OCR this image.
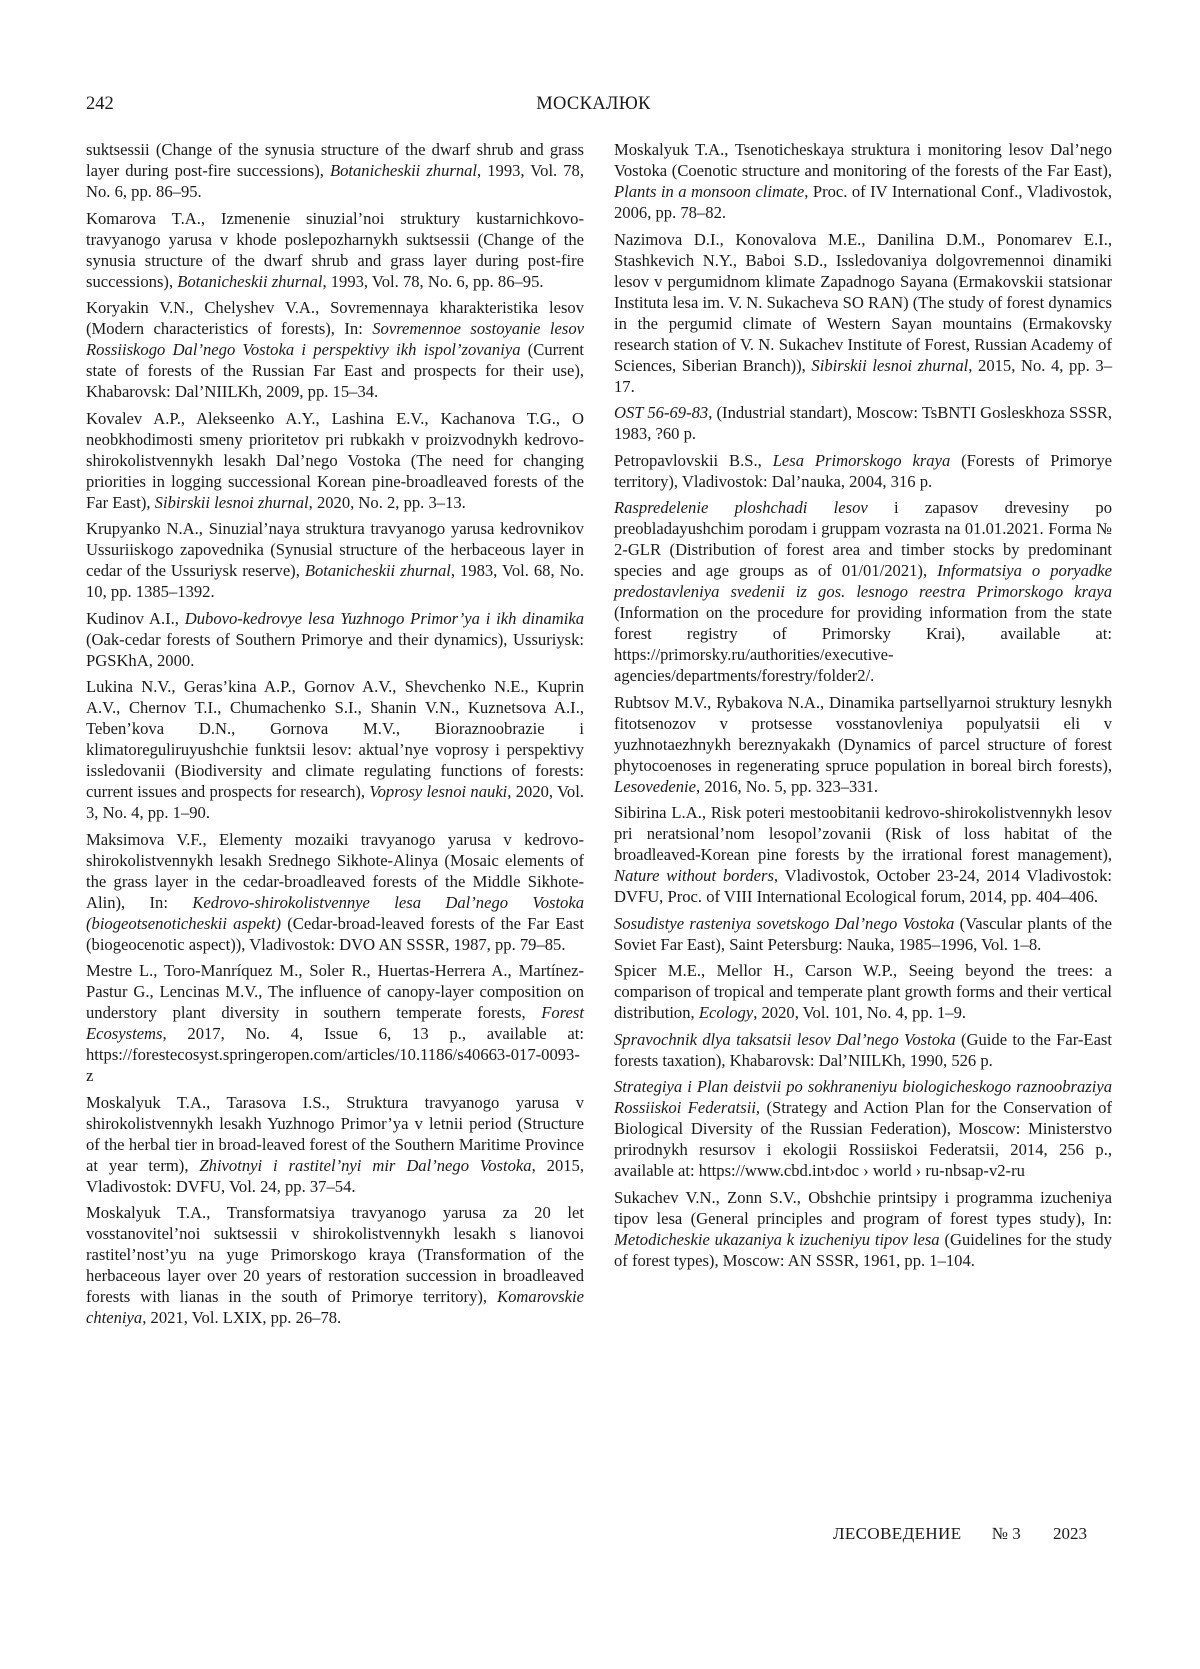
242	МОСКАЛЮК

suktsessii (Change of the synusia structure of the dwarf shrub and grass layer during post-fire successions), Botanicheskii zhurnal, 1993, Vol. 78, No. 6, pp. 86–95.

Komarova T.A., Izmenenie sinuzial’noi struktury kustarnichkovo-travyanogo yarusa v khode poslepozharnykh suktsessii (Change of the synusia structure of the dwarf shrub and grass layer during post-fire successions), Botanicheskii zhurnal, 1993, Vol. 78, No. 6, pp. 86–95.

Koryakin V.N., Chelyshev V.A., Sovremennaya kharakteristika lesov (Modern characteristics of forests), In: Sovremennoe sostoyanie lesov Rossiiskogo Dal’nego Vostoka i perspektivy ikh ispol’zovaniya (Current state of forests of the Russian Far East and prospects for their use), Khabarovsk: Dal’NIILKh, 2009, pp. 15–34.

Kovalev A.P., Alekseenko A.Y., Lashina E.V., Kachanova T.G., O neobkhodimosti smeny prioritetov pri rubkakh v proizvodnykh kedrovo-shirokolistvennykh lesakh Dal’nego Vostoka (The need for changing priorities in logging successional Korean pine-broadleaved forests of the Far East), Sibirskii lesnoi zhurnal, 2020, No. 2, pp. 3–13.

Krupyanko N.A., Sinuzial’naya struktura travyanogo yarusa kedrovnikov Ussuriiskogo zapovednika (Synusial structure of the herbaceous layer in cedar of the Ussuriysk reserve), Botanicheskii zhurnal, 1983, Vol. 68, No. 10, pp. 1385–1392.

Kudinov A.I., Dubovo-kedrovye lesa Yuzhnogo Primor’ya i ikh dinamika (Oak-cedar forests of Southern Primorye and their dynamics), Ussuriysk: PGSKhA, 2000.

Lukina N.V., Geras’kina A.P., Gornov A.V., Shevchenko N.E., Kuprin A.V., Chernov T.I., Chumachenko S.I., Shanin V.N., Kuznetsova A.I., Teben’kova D.N., Gornova M.V., Bioraznoobrazie i klimatoreguliruyushchie funktsii lesov: aktual’nye voprosy i perspektivy issledovanii (Biodiversity and climate regulating functions of forests: current issues and prospects for research), Voprosy lesnoi nauki, 2020, Vol. 3, No. 4, pp. 1–90.

Maksimova V.F., Elementy mozaiki travyanogo yarusa v kedrovo-shirokolistvennykh lesakh Srednego Sikhote-Alinya (Mosaic elements of the grass layer in the cedar-broadleaved forests of the Middle Sikhote-Alin), In: Kedrovo-shirokolistvennye lesa Dal’nego Vostoka (biogeotsenoticheskii aspekt) (Cedar-broad-leaved forests of the Far East (biogeocenotic aspect)), Vladivostok: DVO AN SSSR, 1987, pp. 79–85.

Mestre L., Toro-Manríquez M., Soler R., Huertas-Herrera A., Martínez-Pastur G., Lencinas M.V., The influence of canopy-layer composition on understory plant diversity in southern temperate forests, Forest Ecosystems, 2017, No. 4, Issue 6, 13 p., available at: https://forestecosyst.springeropen.com/articles/10.1186/s40663-017-0093-z

Moskalyuk T.A., Tarasova I.S., Struktura travyanogo yarusa v shirokolistvennykh lesakh Yuzhnogo Primor’ya v letnii period (Structure of the herbal tier in broad-leaved forest of the Southern Maritime Province at year term), Zhivotnyi i rastitel’nyi mir Dal’nego Vostoka, 2015, Vladivostok: DVFU, Vol. 24, pp. 37–54.

Moskalyuk T.A., Transformatsiya travyanogo yarusa za 20 let vosstanovitel’noi suktsessii v shirokolistvennykh lesakh s lianovoi rastitel’nost’yu na yuge Primorskogo kraya (Transformation of the herbaceous layer over 20 years of restoration succession in broadleaved forests with lianas in the south of Primorye territory), Komarovskie chteniya, 2021, Vol. LXIX, pp. 26–78.

Moskalyuk T.A., Tsenoticheskaya struktura i monitoring lesov Dal’nego Vostoka (Coenotic structure and monitoring of the forests of the Far East), Plants in a monsoon climate, Proc. of IV International Conf., Vladivostok, 2006, pp. 78–82.

Nazimova D.I., Konovalova M.E., Danilina D.M., Ponomarev E.I., Stashkevich N.Y., Baboi S.D., Issledovaniya dolgovremennoi dinamiki lesov v pergumidnom klimate Zapadnogo Sayana (Ermakovskii statsionar Instituta lesa im. V. N. Sukacheva SO RAN) (The study of forest dynamics in the pergumid climate of Western Sayan mountains (Ermakovsky research station of V. N. Sukachev Institute of Forest, Russian Academy of Sciences, Siberian Branch)), Sibirskii lesnoi zhurnal, 2015, No. 4, pp. 3–17.

OST 56-69-83, (Industrial standart), Moscow: TsBNTI Gosleskhoza SSSR, 1983, ?60 p.

Petropavlovskii B.S., Lesa Primorskogo kraya (Forests of Primorye territory), Vladivostok: Dal’nauka, 2004, 316 p.

Raspredelenie ploshchadi lesov i zapasov drevesiny po preobladayushchim porodam i gruppam vozrasta na 01.01.2021. Forma № 2-GLR (Distribution of forest area and timber stocks by predominant species and age groups as of 01/01/2021), Informatsiya o poryadke predostavleniya svedenii iz gos. lesnogo reestra Primorskogo kraya (Information on the procedure for providing information from the state forest registry of Primorsky Krai), available at: https://primorsky.ru/authorities/executive-agencies/departments/forestry/folder2/.

Rubtsov M.V., Rybakova N.A., Dinamika partsellyarnoi struktury lesnykh fitotsenozov v protsesse vosstanovleniya populyatsii eli v yuzhnotaezhnykh bereznyakakh (Dynamics of parcel structure of forest phytocoenoses in regenerating spruce population in boreal birch forests), Lesovedenie, 2016, No. 5, pp. 323–331.

Sibirina L.A., Risk poteri mestoobitanii kedrovo-shirokolistvennykh lesov pri neratsional’nom lesopol’zovanii (Risk of loss habitat of the broadleaved-Korean pine forests by the irrational forest management), Nature without borders, Vladivostok, October 23-24, 2014 Vladivostok: DVFU, Proc. of VIII International Ecological forum, 2014, pp. 404–406.

Sosudistye rasteniya sovetskogo Dal’nego Vostoka (Vascular plants of the Soviet Far East), Saint Petersburg: Nauka, 1985–1996, Vol. 1–8.

Spicer M.E., Mellor H., Carson W.P., Seeing beyond the trees: a comparison of tropical and temperate plant growth forms and their vertical distribution, Ecology, 2020, Vol. 101, No. 4, pp. 1–9.

Spravochnik dlya taksatsii lesov Dal’nego Vostoka (Guide to the Far-East forests taxation), Khabarovsk: Dal’NIILKh, 1990, 526 p.

Strategiya i Plan deistvii po sokhraneniyu biologicheskogo raznoobraziya Rossiiskoi Federatsii, (Strategy and Action Plan for the Conservation of Biological Diversity of the Russian Federation), Moscow: Ministerstvo prirodnykh resursov i ekologii Rossiiskoi Federatsii, 2014, 256 p., available at: https://www.cbd.int›doc › world › ru-nbsap-v2-ru

Sukachev V.N., Zonn S.V., Obshchie printsipy i programma izucheniya tipov lesa (General principles and program of forest types study), In: Metodicheskie ukazaniya k izucheniyu tipov lesa (Guidelines for the study of forest types), Moscow: AN SSSR, 1961, pp. 1–104.

ЛЕСОВЕДЕНИЕ № 3 2023
